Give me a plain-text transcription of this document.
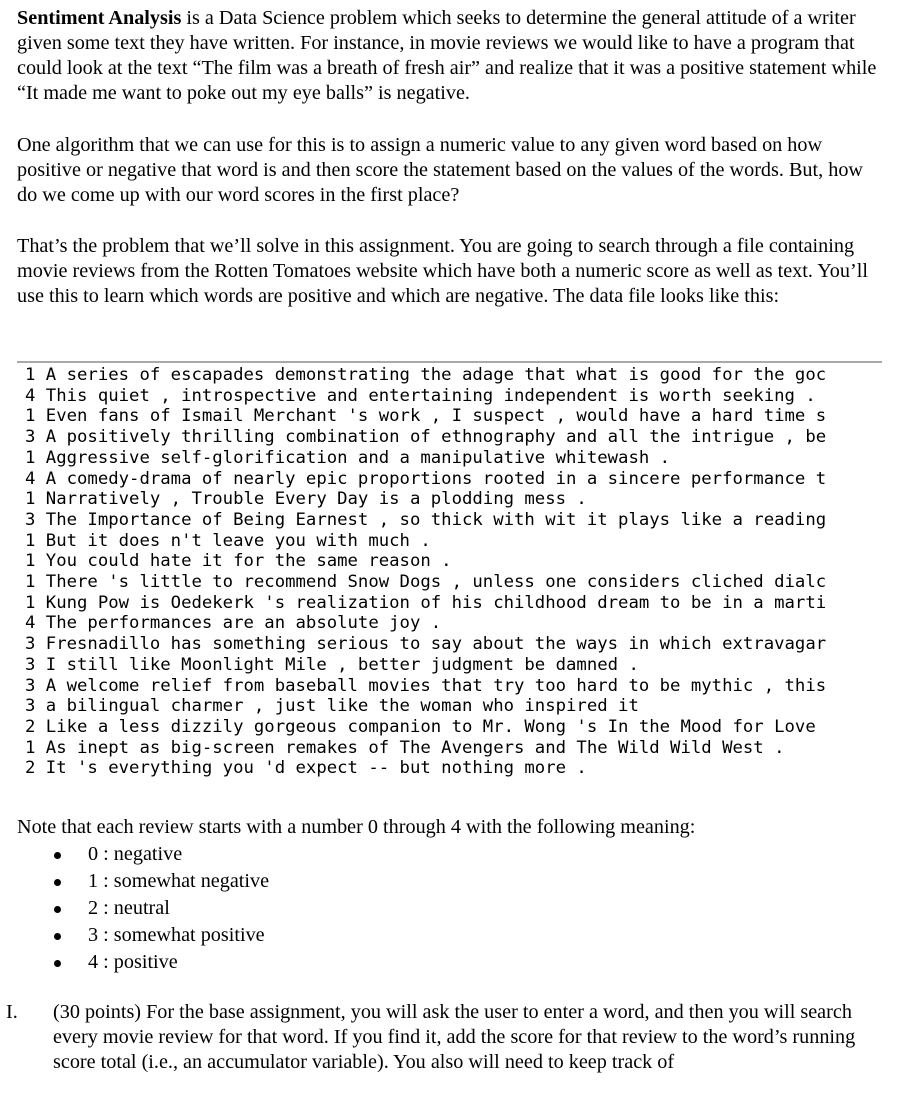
Sentiment Analysis is a Data Science problem which seeks to determine the general attitude of a writer given some text they have written. For instance, in movie reviews we would like to have a program that could look at the text “The film was a breath of fresh air” and realize that it was a positive statement while “It made me want to poke out my eye balls” is negative.

One algorithm that we can use for this is to assign a numeric value to any given word based on how positive or negative that word is and then score the statement based on the values of the words. But, how do we come up with our word scores in the first place?

That’s the problem that we’ll solve in this assignment. You are going to search through a file containing movie reviews from the Rotten Tomatoes website which have both a numeric score as well as text. You’ll use this to learn which words are positive and which are negative. The data file looks like this:

1 A series of escapades demonstrating the adage that what is good for the goc
4 This quiet , introspective and entertaining independent is worth seeking .
1 Even fans of Ismail Merchant 's work , I suspect , would have a hard time s
3 A positively thrilling combination of ethnography and all the intrigue , be
1 Aggressive self-glorification and a manipulative whitewash .
4 A comedy-drama of nearly epic proportions rooted in a sincere performance t
1 Narratively , Trouble Every Day is a plodding mess .
3 The Importance of Being Earnest , so thick with wit it plays like a reading
1 But it does n't leave you with much .
1 You could hate it for the same reason .
1 There 's little to recommend Snow Dogs , unless one considers cliched dialc
1 Kung Pow is Oedekerk 's realization of his childhood dream to be in a marti
4 The performances are an absolute joy .
3 Fresnadillo has something serious to say about the ways in which extravagar
3 I still like Moonlight Mile , better judgment be damned .
3 A welcome relief from baseball movies that try too hard to be mythic , this
3 a bilingual charmer , just like the woman who inspired it
2 Like a less dizzily gorgeous companion to Mr. Wong 's In the Mood for Love
1 As inept as big-screen remakes of The Avengers and The Wild Wild West .
2 It 's everything you 'd expect -- but nothing more .

Note that each review starts with a number 0 through 4 with the following meaning:

0 : negative
1 : somewhat negative
2 : neutral
3 : somewhat positive
4 : positive
I. (30 points) For the base assignment, you will ask the user to enter a word, and then you will search every movie review for that word. If you find it, add the score for that review to the word’s running score total (i.e., an accumulator variable). You also will need to keep track of
